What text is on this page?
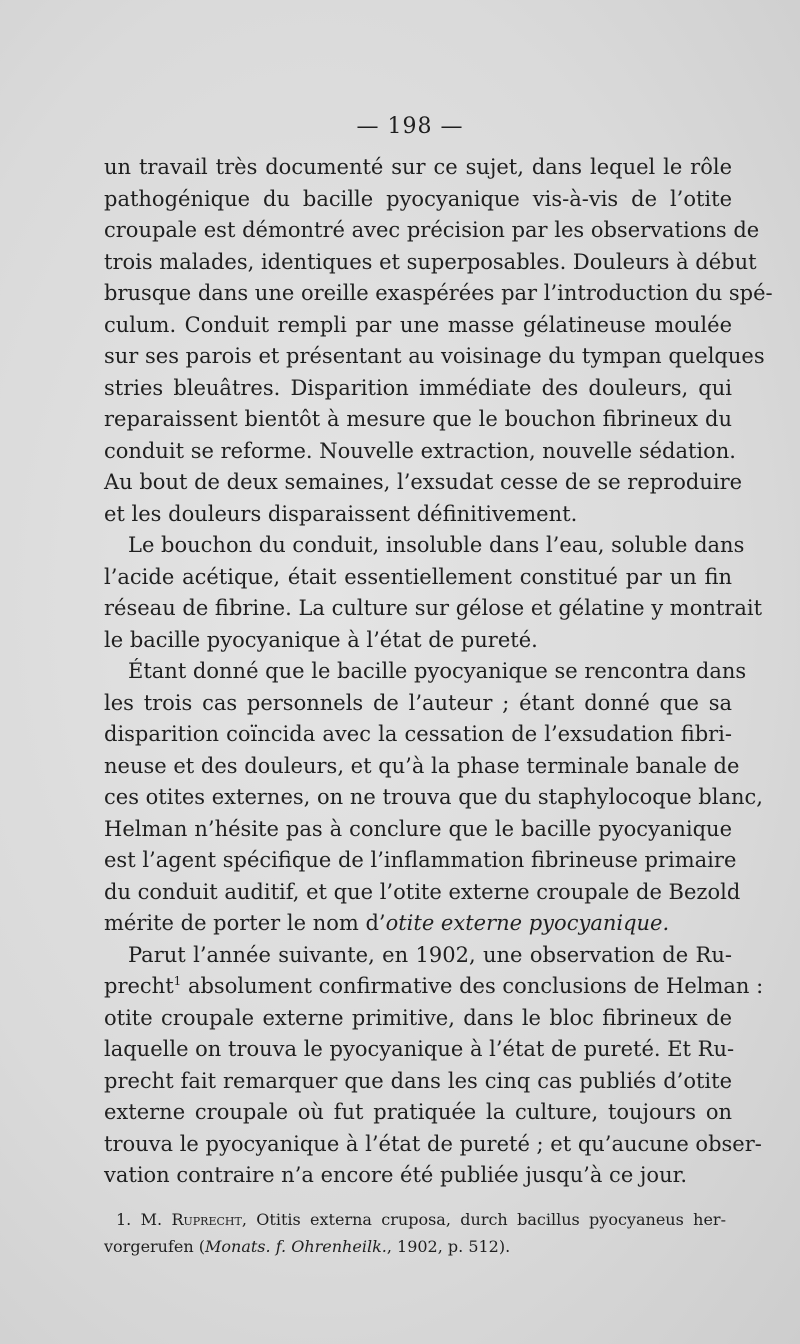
— 198 —
un travail très documenté sur ce sujet, dans lequel le rôle
pathogénique du bacille pyocyanique vis-à-vis de l’otite
croupale est démontré avec précision par les observations de
trois malades, identiques et superposables. Douleurs à début
brusque dans une oreille exaspérées par l’introduction du spé-
culum. Conduit rempli par une masse gélatineuse moulée
sur ses parois et présentant au voisinage du tympan quelques
stries bleuâtres. Disparition immédiate des douleurs, qui
reparaissent bientôt à mesure que le bouchon fibrineux du
conduit se reforme. Nouvelle extraction, nouvelle sédation.
Au bout de deux semaines, l’exsudat cesse de se reproduire
et les douleurs disparaissent définitivement.
Le bouchon du conduit, insoluble dans l’eau, soluble dans
l’acide acétique, était essentiellement constitué par un fin
réseau de fibrine. La culture sur gélose et gélatine y montrait
le bacille pyocyanique à l’état de pureté.
Étant donné que le bacille pyocyanique se rencontra dans
les trois cas personnels de l’auteur ; étant donné que sa
disparition coïncida avec la cessation de l’exsudation fibri-
neuse et des douleurs, et qu’à la phase terminale banale de
ces otites externes, on ne trouva que du staphylocoque blanc,
Helman n’hésite pas à conclure que le bacille pyocyanique
est l’agent spécifique de l’inflammation fibrineuse primaire
du conduit auditif, et que l’otite externe croupale de Bezold
mérite de porter le nom d’otite externe pyocyanique.
Parut l’année suivante, en 1902, une observation de Ru-
precht$^1$ absolument confirmative des conclusions de Helman :
otite croupale externe primitive, dans le bloc fibrineux de
laquelle on trouva le pyocyanique à l’état de pureté. Et Ru-
precht fait remarquer que dans les cinq cas publiés d’otite
externe croupale où fut pratiquée la culture, toujours on
trouva le pyocyanique à l’état de pureté ; et qu’aucune obser-
vation contraire n’a encore été publiée jusqu’à ce jour.
1. M. Ruprecht, Otitis externa cruposа, durch bacillus pyocyaneus her-
vorgerufen (Monats. f. Ohrenheilk., 1902, p. 512).
